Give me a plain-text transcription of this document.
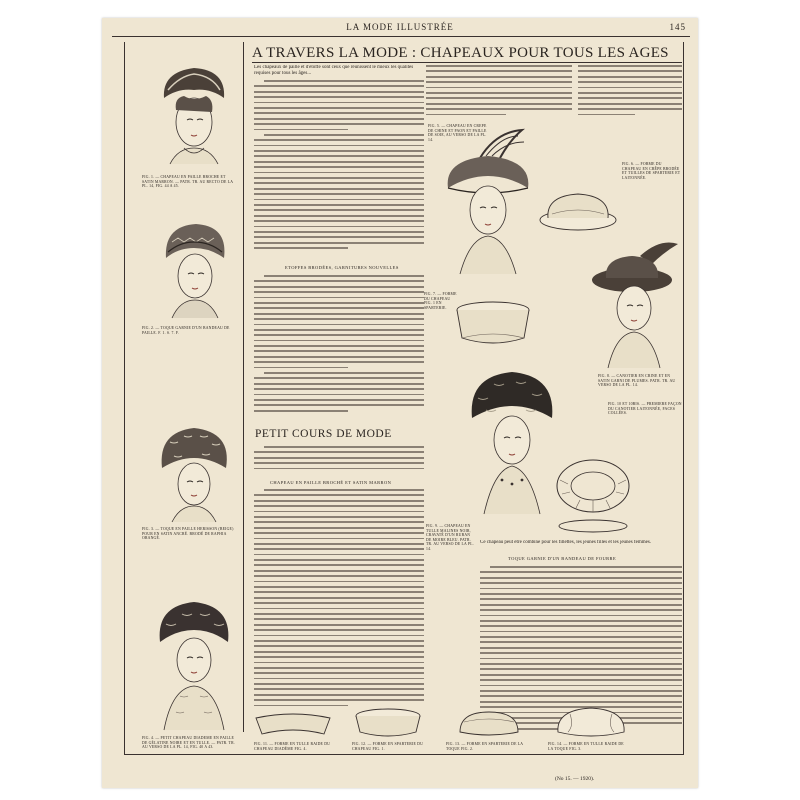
LA MODE ILLUSTRÉE	145
A TRAVERS LA MODE : CHAPEAUX POUR TOUS LES AGES
Les chapeaux de paille et d'étoffe sont ceux que réunissent le mieux les qualités requises pour tous les âges...
ETOFFES BRODÉES, GARNITURES NOUVELLES
PETIT COURS DE MODE
CHAPEAU EN PAILLE BROCHÉ ET SATIN MARRON
Ce chapeau peut être combiné pour les fillettes, les jeunes filles et les jeunes femmes.
TOQUE GARNIE D'UN BANDEAU DE FOURRE
FIG. 1. — CHAPEAU EN PAILLE BROCHÉ ET SATIN MARRON. — PATR. TR. AU RECTO DE LA PL. 14, FIG. 44 A 45.
FIG. 2. — TOQUE GARNIE D'UN BANDEAU DE PAILLE. F. 1. S. 7. F.
FIG. 3. — TOQUE EN PAILLE HÉRISSON (BEIGE) POUR EN SATIN ANCRÉ. BRODÉ DE RAPHIA ORANGÉ.
FIG. 4. — PETIT CHAPEAU DIADÈME EN PAILLE DE GÉLATINE NOIRE ET EN TULLE. — PATR. TR. AU VERSO DE LA PL. 14, FIG. 40 A 43.
FIG. 5. — CHAPEAU EN CRÊPE DE CHINE ET PAON ET PAILLE DE SOIE, AU VERSO DE LA PL. 14.
FIG. 6. — FORME DU CHAPEAU EN CRÊPE BRODÉE ET TUILLES DE SPARTERIE ET LAITONNÉE.
FIG. 7. — FORME DU CHAPEAU FIG. 1 EN SPARTERIE.
FIG. 8. — CANOTIER EN CRINE ET EN SATIN GARNI DE PLUMES. PATR. TR. AU VERSO DE LA PL. 14.
FIG. 9. — CHAPEAU EN TULLE MALINES NOIR, CRAVATÉ D'UN RUBAN DE MOIRE BLEU. PATR. TR. AU VERSO DE LA PL. 14.
FIG. 10 ET 10BIS. — PREMIÈRE FAÇON DU CANOTIER LAITONNÉE, FACES COLLÉES.
FIG. 11. — FORME EN TULLE RAIDE DU CHAPEAU DIADÈME FIG. 4.
FIG. 12. — FORME EN SPARTERIE DU CHAPEAU FIG. 1.
FIG. 13. — FORME EN SPARTERIE DE LA TOQUE FIG. 2.
FIG. 14. — FORME EN TULLE RAIDE DE LA TOQUE FIG. 3.
(No 15. — 1920).
